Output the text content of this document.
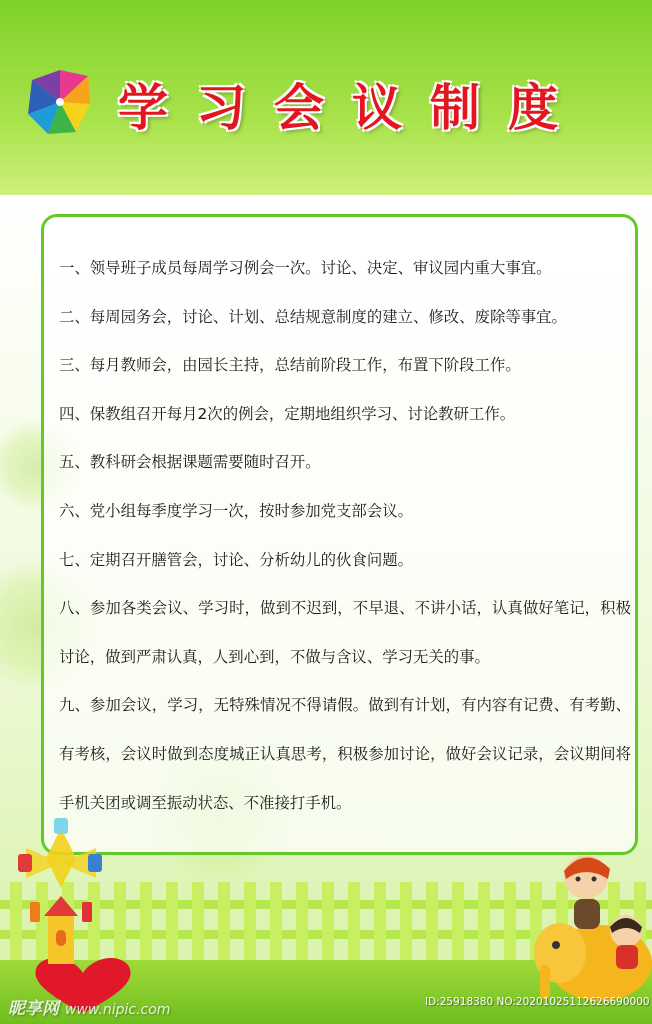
学习会议制度
一、领导班子成员每周学习例会一次。讨论、决定、审议园内重大事宜。
二、每周园务会，讨论、计划、总结规意制度的建立、修改、废除等事宜。
三、每月教师会，由园长主持，总结前阶段工作，布置下阶段工作。
四、保教组召开每月2次的例会，定期地组织学习、讨论教研工作。
五、教科研会根据课题需要随时召开。
六、党小组每季度学习一次，按时参加党支部会议。
七、定期召开膳管会，讨论、分析幼儿的伙食问题。
八、参加各类会议、学习时，做到不迟到，不早退、不讲小话，认真做好笔记，积极讨论，做到严肃认真，人到心到，不做与含议、学习无关的事。
九、参加会议，学习，无特殊情况不得请假。做到有计划，有内容有记费、有考勤、有考核，会议时做到态度城正认真思考，积极参加讨论，做好会议记录，会议期间将手机关团或调至振动状态、不准接打手机。
昵享网 www.nipic.com	ID:25918380 NO:20201025112626690000
